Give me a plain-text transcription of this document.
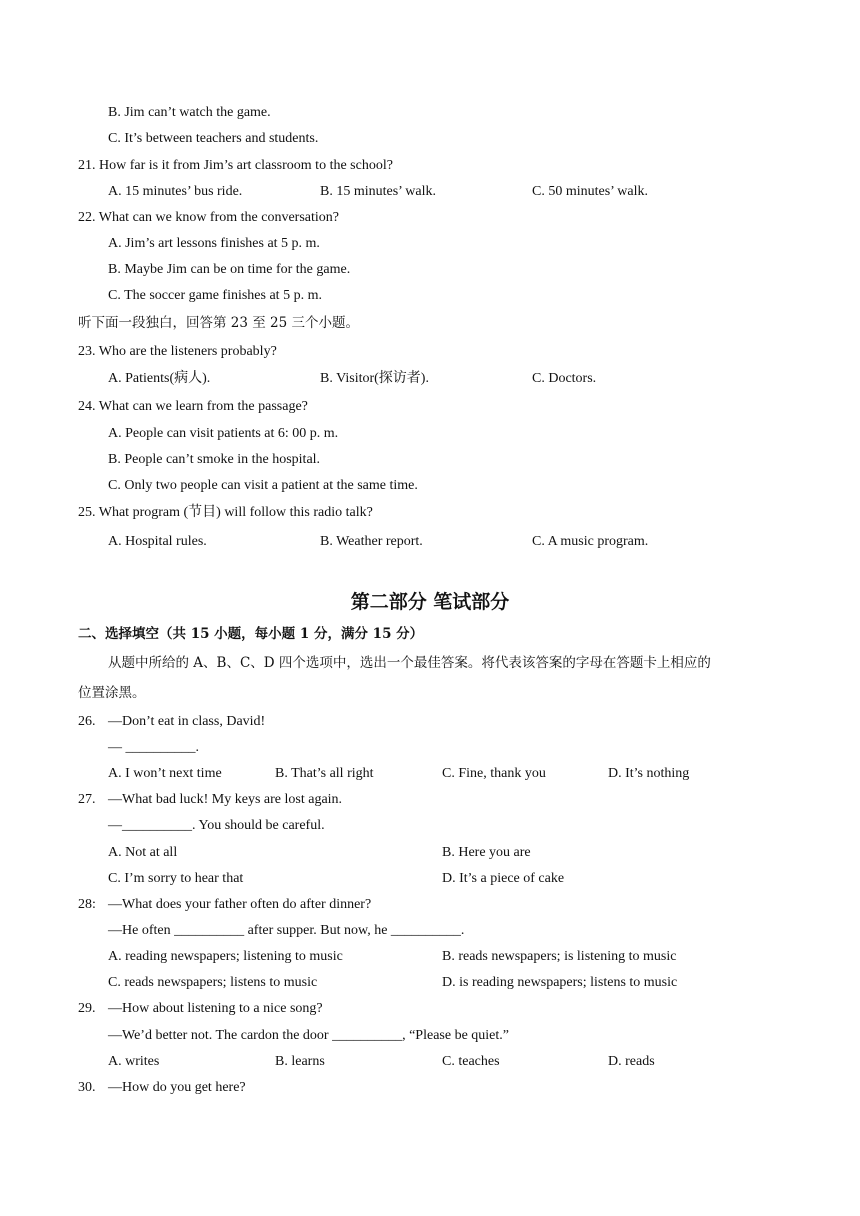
B. Jim can’t watch the game.
C. It’s between teachers and students.
21. How far is it from Jim’s art classroom to the school?
A. 15 minutes’ bus ride.	B. 15 minutes’ walk.	C. 50 minutes’ walk.
22. What can we know from the conversation?
A. Jim’s art lessons finishes at 5 p. m.
B. Maybe Jim can be on time for the game.
C. The soccer game finishes at 5 p. m.
听下面一段独白，回答第 23 至 25 三个小题。
23. Who are the listeners probably?
A. Patients(病人).	B. Visitor(探访者).	C. Doctors.
24. What can we learn from the passage?
A. People can visit patients at 6: 00 p. m.
B. People can’t smoke in the hospital.
C. Only two people can visit a patient at the same time.
25. What program (节目) will follow this radio talk?
A. Hospital rules.	B. Weather report.	C. A music program.
第二部分 笔试部分
二、选择填空（共 15 小题，每小题 1 分，满分 15 分）
从题中所给的 A、B、C、D 四个选项中，选出一个最佳答案。将代表该答案的字母在答题卡上相应的
位置涂黑。
26. —Don’t eat in class, David!
— __________.
A. I won’t next time	B. That’s all right	C. Fine, thank you	D. It’s nothing
27. —What bad luck! My keys are lost again.
—__________. You should be careful.
A. Not at all	B. Here you are
C. I’m sorry to hear that	D. It’s a piece of cake
28: —What does your father often do after dinner?
—He often __________ after supper. But now, he __________.
A. reading newspapers; listening to music	B. reads newspapers; is listening to music
C. reads newspapers; listens to music	D. is reading newspapers; listens to music
29. —How about listening to a nice song?
—We’d better not. The cardon the door __________, “Please be quiet.”
A. writes	B. learns	C. teaches	D. reads
30. —How do you get here?
